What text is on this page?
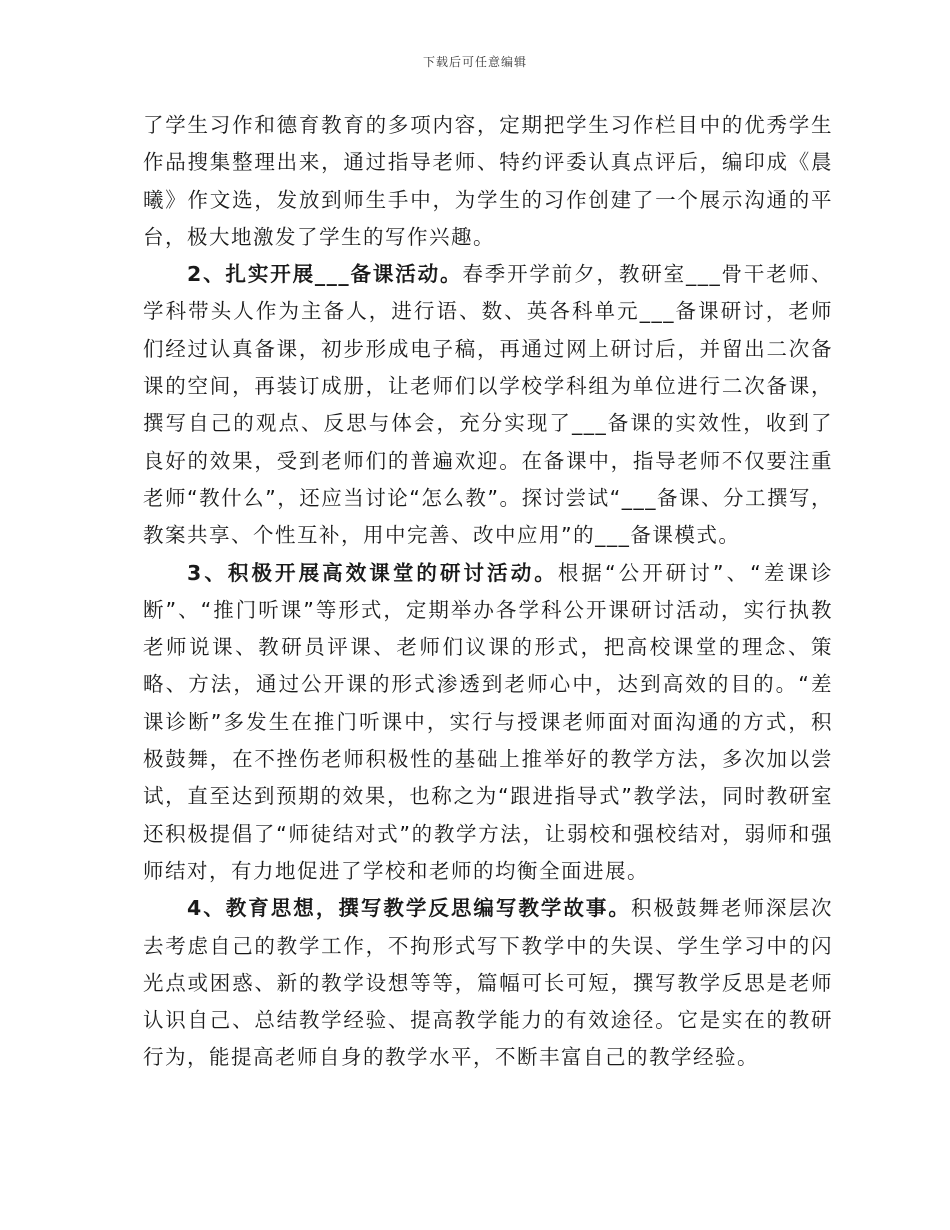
下载后可任意编辑

了学生习作和德育教育的多项内容，定期把学生习作栏目中的优秀学生作品搜集整理出来，通过指导老师、特约评委认真点评后，编印成《晨曦》作文选，发放到师生手中，为学生的习作创建了一个展示沟通的平台，极大地激发了学生的写作兴趣。

2、扎实开展___备课活动。春季开学前夕，教研室___骨干老师、学科带头人作为主备人，进行语、数、英各科单元___备课研讨，老师们经过认真备课，初步形成电子稿，再通过网上研讨后，并留出二次备课的空间，再装订成册，让老师们以学校学科组为单位进行二次备课，撰写自己的观点、反思与体会，充分实现了___备课的实效性，收到了良好的效果，受到老师们的普遍欢迎。在备课中，指导老师不仅要注重老师“教什么”，还应当讨论“怎么教”。探讨尝试“___备课、分工撰写，教案共享、个性互补，用中完善、改中应用”的___备课模式。

3、积极开展高效课堂的研讨活动。根据“公开研讨”、“差课诊断”、“推门听课”等形式，定期举办各学科公开课研讨活动，实行执教老师说课、教研员评课、老师们议课的形式，把高校课堂的理念、策略、方法，通过公开课的形式渗透到老师心中，达到高效的目的。“差课诊断”多发生在推门听课中，实行与授课老师面对面沟通的方式，积极鼓舞，在不挫伤老师积极性的基础上推举好的教学方法，多次加以尝试，直至达到预期的效果，也称之为“跟进指导式”教学法，同时教研室还积极提倡了“师徒结对式”的教学方法，让弱校和强校结对，弱师和强师结对，有力地促进了学校和老师的均衡全面进展。

4、教育思想，撰写教学反思编写教学故事。积极鼓舞老师深层次去考虑自己的教学工作，不拘形式写下教学中的失误、学生学习中的闪光点或困惑、新的教学设想等等，篇幅可长可短，撰写教学反思是老师认识自己、总结教学经验、提高教学能力的有效途径。它是实在的教研行为，能提高老师自身的教学水平，不断丰富自己的教学经验。
